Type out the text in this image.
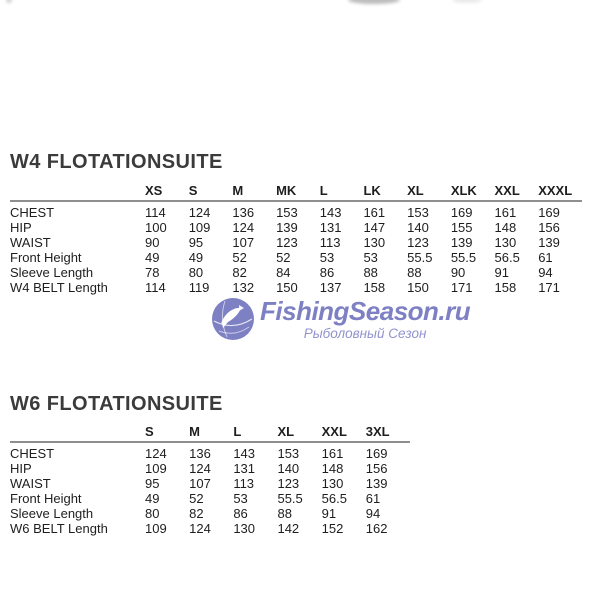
W4 FLOTATIONSUITE
	XS	S	M	MK	L	LK	XL	XLK	XXL	XXXL
CHEST	114	124	136	153	143	161	153	169	161	169
HIP	100	109	124	139	131	147	140	155	148	156
WAIST	90	95	107	123	113	130	123	139	130	139
Front Height	49	49	52	52	53	53	55.5	55.5	56.5	61
Sleeve Length	78	80	82	84	86	88	88	90	91	94
W4 BELT Length	114	119	132	150	137	158	150	171	158	171
FishingSeason.ru
Рыболовный Сезон
W6 FLOTATIONSUITE
	S	M	L	XL	XXL	3XL
CHEST	124	136	143	153	161	169
HIP	109	124	131	140	148	156
WAIST	95	107	113	123	130	139
Front Height	49	52	53	55.5	56.5	61
Sleeve Length	80	82	86	88	91	94
W6 BELT Length	109	124	130	142	152	162
